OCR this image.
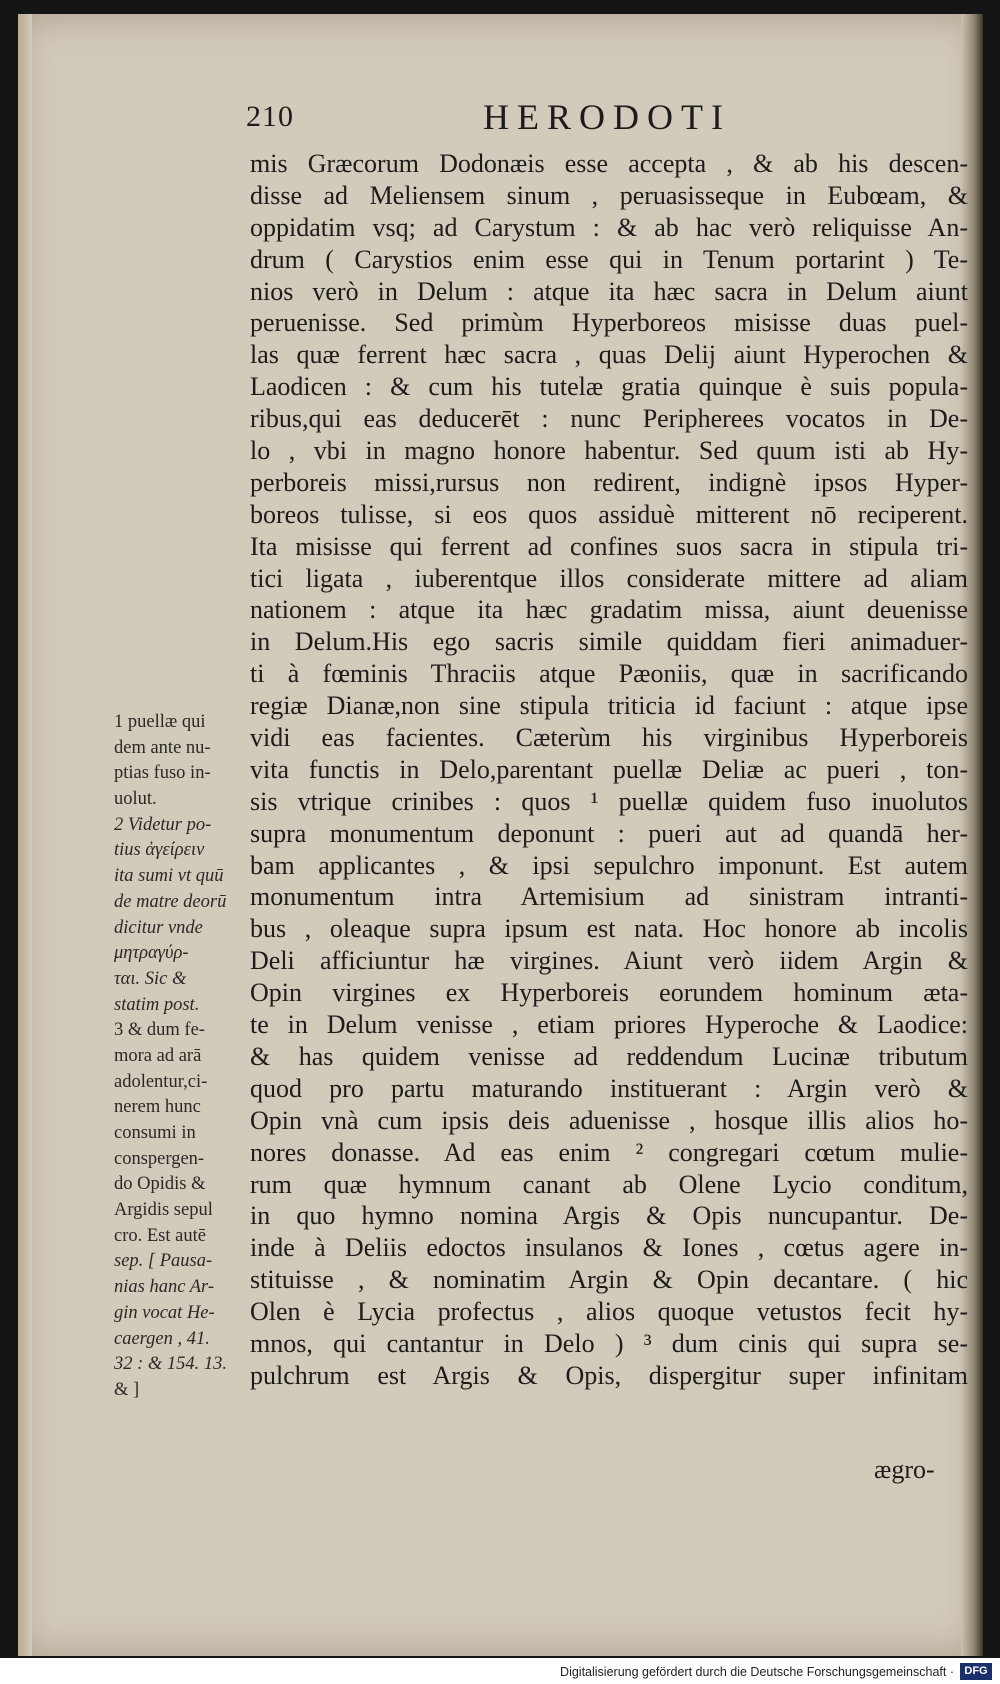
210	HERODOTI
mis Græcorum Dodonæis esse accepta , & ab his descen-
disse ad Meliensem sinum , peruasisseque in Eubœam, &
oppidatim vsq; ad Carystum : & ab hac verò reliquisse An-
drum ( Carystios enim esse qui in Tenum portarint ) Te-
nios verò in Delum : atque ita hæc sacra in Delum aiunt
peruenisse. Sed primùm Hyperboreos misisse duas puel-
las quæ ferrent hæc sacra , quas Delij aiunt Hyperochen &
Laodicen : & cum his tutelæ gratia quinque è suis popula-
ribus,qui eas deducerēt : nunc Peripherees vocatos in De-
lo , vbi in magno honore habentur. Sed quum isti ab Hy-
perboreis missi,rursus non redirent, indignè ipsos Hyper-
boreos tulisse, si eos quos assiduè mitterent nō reciperent.
Ita misisse qui ferrent ad confines suos sacra in stipula tri-
tici ligata , iuberentque illos considerate mittere ad aliam
nationem : atque ita hæc gradatim missa, aiunt deuenisse
in Delum.His ego sacris simile quiddam fieri animaduer-
ti à fœminis Thraciis atque Pæoniis, quæ in sacrificando
regiæ Dianæ,non sine stipula triticia id faciunt : atque ipse
vidi eas facientes. Cæterùm his virginibus Hyperboreis
vita functis in Delo,parentant puellæ Deliæ ac pueri , ton-
sis vtrique crinibes : quos ¹ puellæ quidem fuso inuolutos
supra monumentum deponunt : pueri aut ad quandā her-
bam applicantes , & ipsi sepulchro imponunt. Est autem
monumentum intra Artemisium ad sinistram intranti-
bus , oleaque supra ipsum est nata. Hoc honore ab incolis
Deli afficiuntur hæ virgines. Aiunt verò iidem Argin &
Opin virgines ex Hyperboreis eorundem hominum æta-
te in Delum venisse , etiam priores Hyperoche & Laodice:
& has quidem venisse ad reddendum Lucinæ tributum
quod pro partu maturando instituerant : Argin verò &
Opin vnà cum ipsis deis aduenisse , hosque illis alios ho-
nores donasse. Ad eas enim ² congregari cœtum mulie-
rum quæ hymnum canant ab Olene Lycio conditum,
in quo hymno nomina Argis & Opis nuncupantur. De-
inde à Deliis edoctos insulanos & Iones , cœtus agere in-
stituisse , & nominatim Argin & Opin decantare. ( hic
Olen è Lycia profectus , alios quoque vetustos fecit hy-
mnos, qui cantantur in Delo ) ³ dum cinis qui supra se-
pulchrum est Argis & Opis, dispergitur super infinitam
ægro-
1 puellæ qui
dem ante nu-
ptias fuso in-
uolut.
2 Videtur po-
tius ἀγείρειν
ita sumi vt quū
de matre deorū
dicitur vnde
μητραγύρ-
ται. Sic &
statim post.
3 & dum fe-
mora ad arā
adolentur,ci-
nerem hunc
consumi in
conspergen-
do Opidis &
Argidis sepul
cro. Est autē
sep. [ Pausa-
nias hanc Ar-
gin vocat He-
caergen , 41.
32 : & 154. 13.
& ]
Digitalisierung gefördert durch die Deutsche Forschungsgemeinschaft · DFG
